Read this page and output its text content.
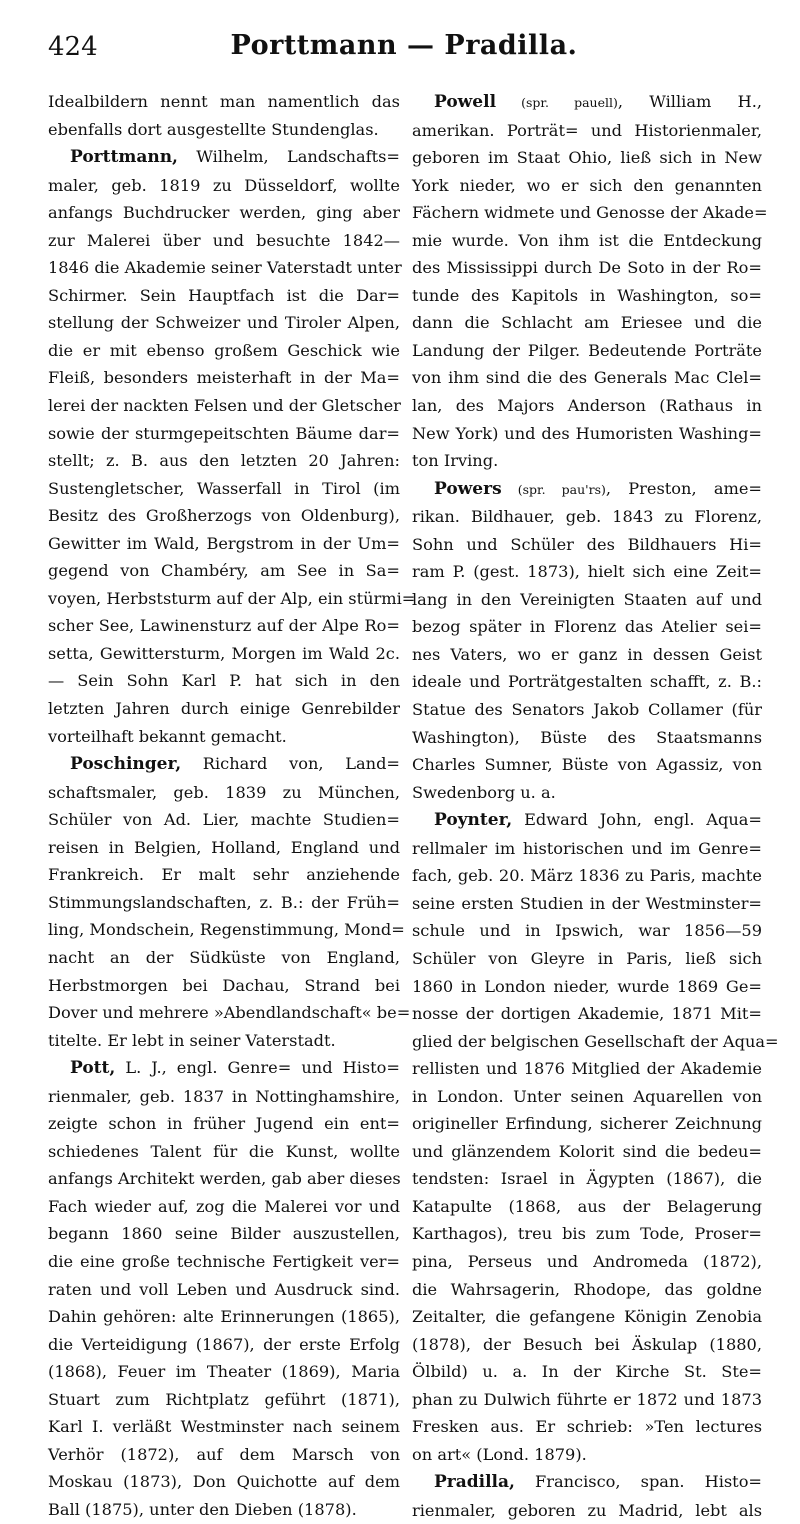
424	Porttmann — Pradilla.
Idealbildern nennt man namentlich das
ebenfalls dort ausgestellte Stundenglas.
Porttmann, Wilhelm, Landschafts=
maler, geb. 1819 zu Düsseldorf, wollte
anfangs Buchdrucker werden, ging aber
zur Malerei über und besuchte 1842—
1846 die Akademie seiner Vaterstadt unter
Schirmer. Sein Hauptfach ist die Dar=
stellung der Schweizer und Tiroler Alpen,
die er mit ebenso großem Geschick wie
Fleiß, besonders meisterhaft in der Ma=
lerei der nackten Felsen und der Gletscher
sowie der sturmgepeitschten Bäume dar=
stellt; z. B. aus den letzten 20 Jahren:
Sustengletscher, Wasserfall in Tirol (im
Besitz des Großherzogs von Oldenburg),
Gewitter im Wald, Bergstrom in der Um=
gegend von Chambéry, am See in Sa=
voyen, Herbststurm auf der Alp, ein stürmi=
scher See, Lawinensturz auf der Alpe Ro=
setta, Gewittersturm, Morgen im Wald 2c.
— Sein Sohn Karl P. hat sich in den
letzten Jahren durch einige Genrebilder
vorteilhaft bekannt gemacht.
Poschinger, Richard von, Land=
schaftsmaler, geb. 1839 zu München,
Schüler von Ad. Lier, machte Studien=
reisen in Belgien, Holland, England und
Frankreich. Er malt sehr anziehende
Stimmungslandschaften, z. B.: der Früh=
ling, Mondschein, Regenstimmung, Mond=
nacht an der Südküste von England,
Herbstmorgen bei Dachau, Strand bei
Dover und mehrere »Abendlandschaft« be=
titelte. Er lebt in seiner Vaterstadt.
Pott, L. J., engl. Genre= und Histo=
rienmaler, geb. 1837 in Nottinghamshire,
zeigte schon in früher Jugend ein ent=
schiedenes Talent für die Kunst, wollte
anfangs Architekt werden, gab aber dieses
Fach wieder auf, zog die Malerei vor und
begann 1860 seine Bilder auszustellen,
die eine große technische Fertigkeit ver=
raten und voll Leben und Ausdruck sind.
Dahin gehören: alte Erinnerungen (1865),
die Verteidigung (1867), der erste Erfolg
(1868), Feuer im Theater (1869), Maria
Stuart zum Richtplatz geführt (1871),
Karl I. verläßt Westminster nach seinem
Verhör (1872), auf dem Marsch von
Moskau (1873), Don Quichotte auf dem
Ball (1875), unter den Dieben (1878).
Powell (spr. pauell), William H.,
amerikan. Porträt= und Historienmaler,
geboren im Staat Ohio, ließ sich in New
York nieder, wo er sich den genannten
Fächern widmete und Genosse der Akade=
mie wurde. Von ihm ist die Entdeckung
des Mississippi durch De Soto in der Ro=
tunde des Kapitols in Washington, so=
dann die Schlacht am Eriesee und die
Landung der Pilger. Bedeutende Porträte
von ihm sind die des Generals Mac Clel=
lan, des Majors Anderson (Rathaus in
New York) und des Humoristen Washing=
ton Irving.
Powers (spr. pau'rs), Preston, ame=
rikan. Bildhauer, geb. 1843 zu Florenz,
Sohn und Schüler des Bildhauers Hi=
ram P. (gest. 1873), hielt sich eine Zeit=
lang in den Vereinigten Staaten auf und
bezog später in Florenz das Atelier sei=
nes Vaters, wo er ganz in dessen Geist
ideale und Porträtgestalten schafft, z. B.:
Statue des Senators Jakob Collamer (für
Washington), Büste des Staatsmanns
Charles Sumner, Büste von Agassiz, von
Swedenborg u. a.
Poynter, Edward John, engl. Aqua=
rellmaler im historischen und im Genre=
fach, geb. 20. März 1836 zu Paris, machte
seine ersten Studien in der Westminster=
schule und in Ipswich, war 1856—59
Schüler von Gleyre in Paris, ließ sich
1860 in London nieder, wurde 1869 Ge=
nosse der dortigen Akademie, 1871 Mit=
glied der belgischen Gesellschaft der Aqua=
rellisten und 1876 Mitglied der Akademie
in London. Unter seinen Aquarellen von
origineller Erfindung, sicherer Zeichnung
und glänzendem Kolorit sind die bedeu=
tendsten: Israel in Ägypten (1867), die
Katapulte (1868, aus der Belagerung
Karthagos), treu bis zum Tode, Proser=
pina, Perseus und Andromeda (1872),
die Wahrsagerin, Rhodope, das goldne
Zeitalter, die gefangene Königin Zenobia
(1878), der Besuch bei Äskulap (1880,
Ölbild) u. a. In der Kirche St. Ste=
phan zu Dulwich führte er 1872 und 1873
Fresken aus. Er schrieb: »Ten lectures
on art« (Lond. 1879).
Pradilla, Francisco, span. Histo=
rienmaler, geboren zu Madrid, lebt als
